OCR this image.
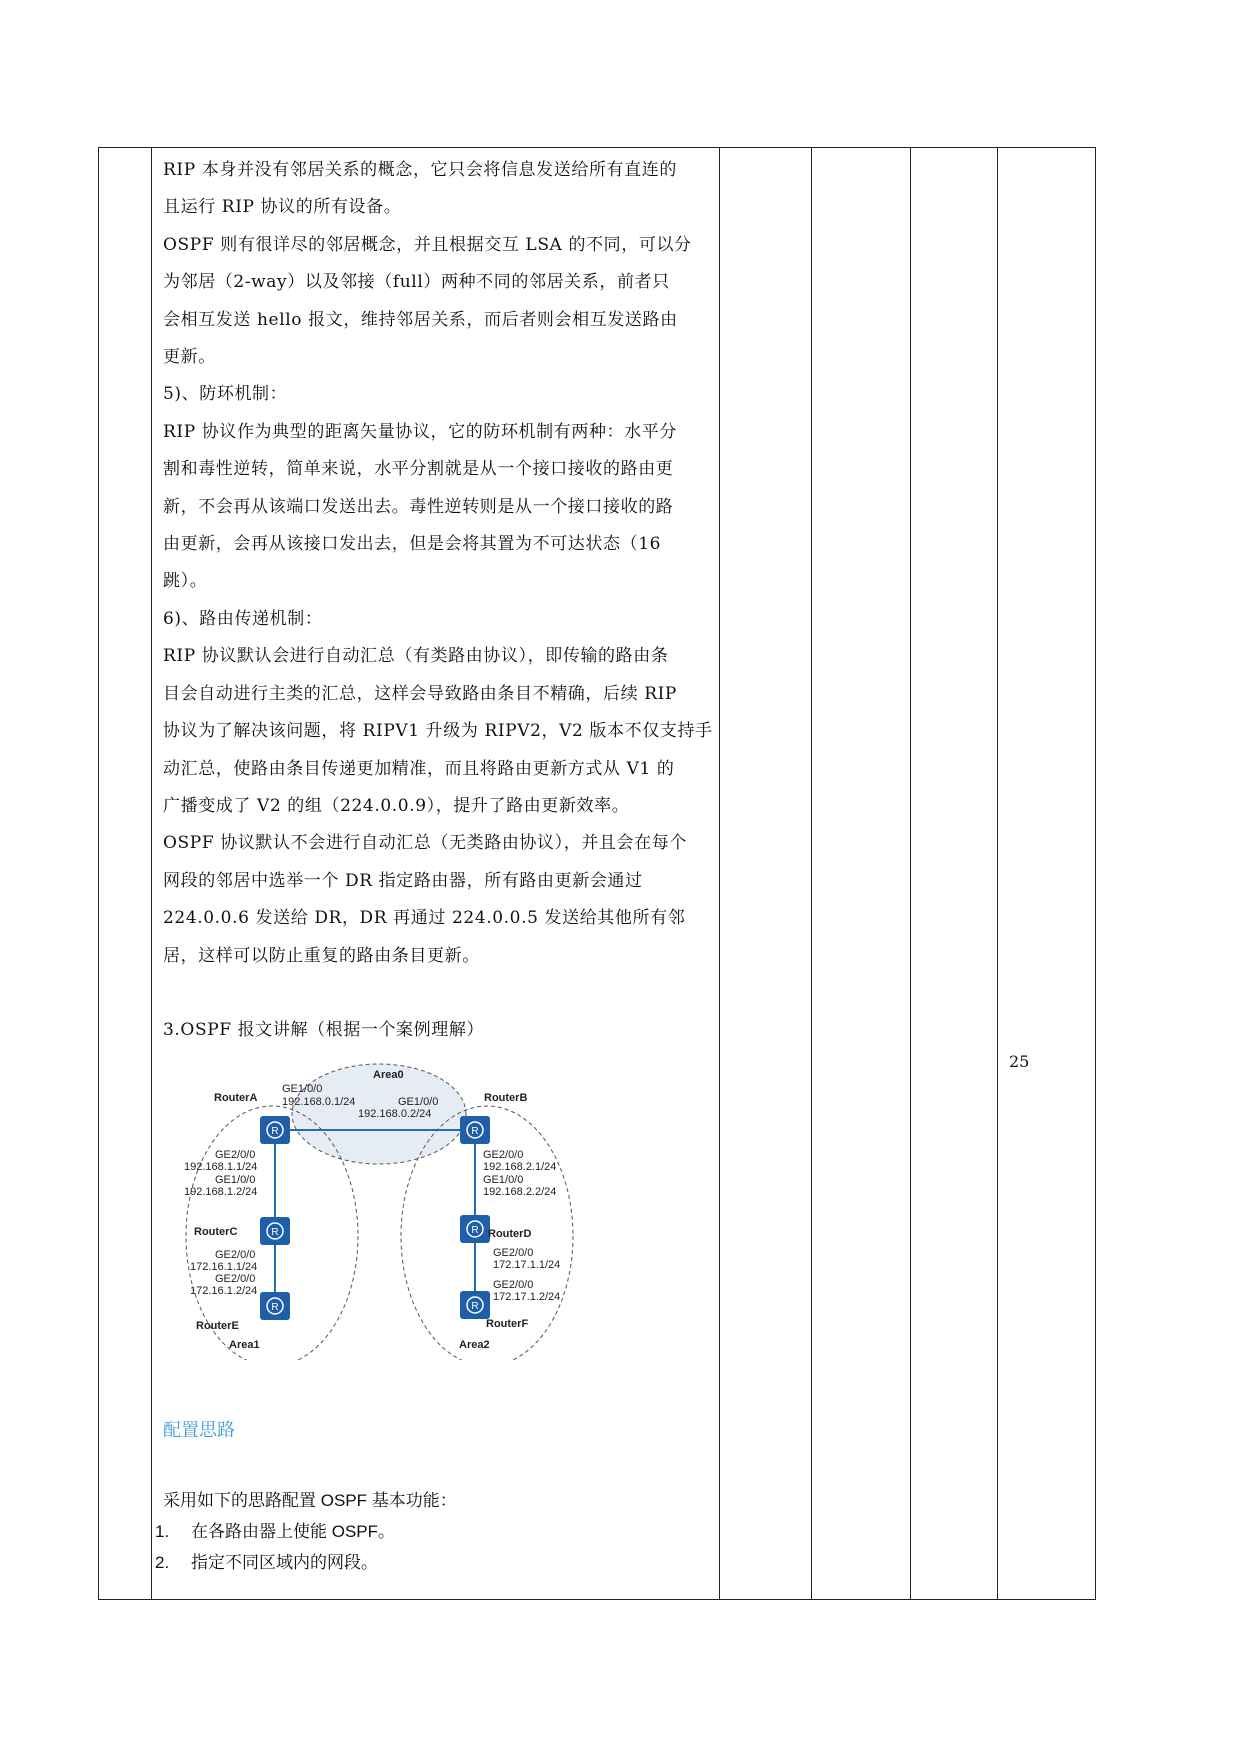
RIP 本身并没有邻居关系的概念，它只会将信息发送给所有直连的

且运行 RIP 协议的所有设备。

OSPF 则有很详尽的邻居概念，并且根据交互 LSA 的不同，可以分

为邻居（2-way）以及邻接（full）两种不同的邻居关系，前者只

会相互发送 hello 报文，维持邻居关系，而后者则会相互发送路由

更新。

5)、防环机制：

RIP 协议作为典型的距离矢量协议，它的防环机制有两种：水平分

割和毒性逆转，简单来说，水平分割就是从一个接口接收的路由更

新，不会再从该端口发送出去。毒性逆转则是从一个接口接收的路

由更新，会再从该接口发出去，但是会将其置为不可达状态（16

跳）。

6)、路由传递机制：

RIP 协议默认会进行自动汇总（有类路由协议），即传输的路由条

目会自动进行主类的汇总，这样会导致路由条目不精确，后续 RIP

协议为了解决该问题，将 RIPV1 升级为 RIPV2，V2 版本不仅支持手

动汇总，使路由条目传递更加精准，而且将路由更新方式从 V1 的

广播变成了 V2 的组（224.0.0.9），提升了路由更新效率。

OSPF 协议默认不会进行自动汇总（无类路由协议），并且会在每个

网段的邻居中选举一个 DR 指定路由器，所有路由更新会通过

224.0.0.6 发送给 DR，DR 再通过 224.0.0.5 发送给其他所有邻

居，这样可以防止重复的路由条目更新。

3.OSPF 报文讲解（根据一个案例理解）

R	R
R	R
R	R
Area0
Area1	Area2
RouterA	RouterB
RouterC	RouterD
RouterE	RouterF
GE1/0/0
192.168.0.1/24	GE1/0/0
192.168.0.2/24
GE2/0/0
192.168.1.1/24
GE1/0/0
192.168.1.2/24
GE2/0/0
172.16.1.1/24
GE2/0/0
172.16.1.2/24
GE2/0/0
192.168.2.1/24
GE1/0/0
192.168.2.2/24
GE2/0/0
172.17.1.1/24
GE2/0/0
172.17.1.2/24

配置思路

采用如下的思路配置 OSPF 基本功能：

1. 在各路由器上使能 OSPF。

2. 指定不同区域内的网段。

25
